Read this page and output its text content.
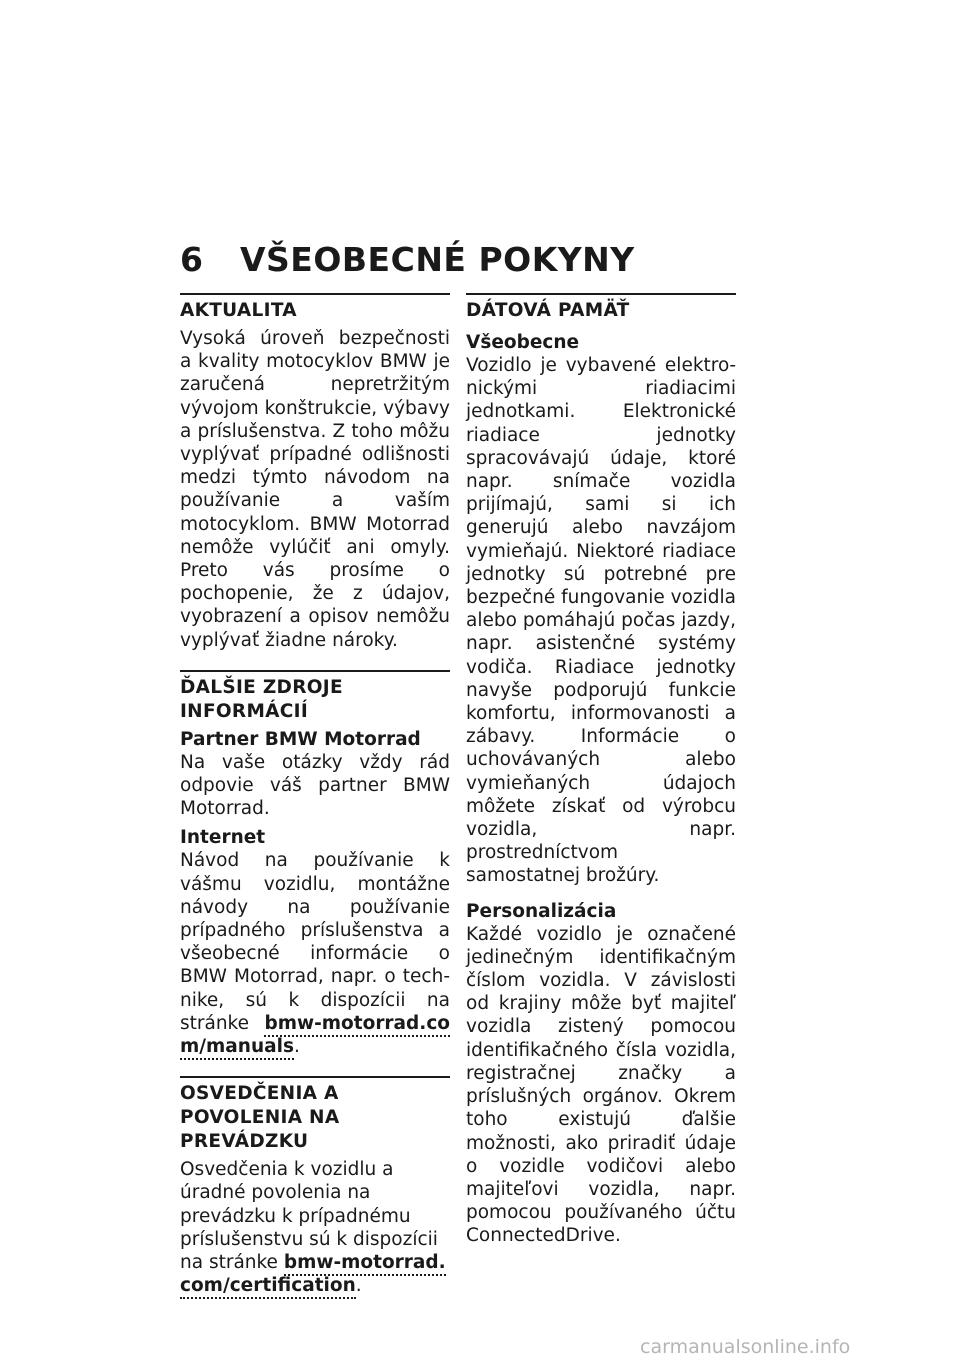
6 VŠEOBECNÉ POKYNY
AKTUALITA

Vysoká úroveň bezpečnosti a kvality motocyklov BMW je zaručená nepretržitým vývojom konštrukcie, výbavy a príslušenstva. Z toho môžu vyplývať prípadné odlišnosti medzi týmto návodom na používanie a vaším motocyklom. BMW Motorrad nemôže vylúčiť ani omyly. Preto vás prosíme o pochopenie, že z údajov, vyobrazení a opisov nemôžu vyplývať žiadne nároky.

ĎALŠIE ZDROJE INFORMÁCIÍ
Partner BMW Motorrad

Na vaše otázky vždy rád odpovie váš partner BMW Motorrad.

Internet

Návod na používanie k vášmu vozidlu, montážne návody na používanie prípadného príslušenstva a všeobecné informácie o BMW Motorrad, napr. o technike, sú k dispozícii na stránke bmw-motorrad.com/manuals.

OSVEDČENIA A POVOLENIA NA PREVÁDZKU

Osvedčenia k vozidlu a úradné povolenia na prevádzku k prípadnému príslušenstvu sú k dispozícii na stránke bmw-motorrad.com/certification.

DÁTOVÁ PAMÄŤ
Všeobecne

Vozidlo je vybavené elektronickými riadiacimi jednotkami. Elektronické riadiace jednotky spracovávajú údaje, ktoré napr. snímače vozidla prijímajú, sami si ich generujú alebo navzájom vymieňajú. Niektoré riadiace jednotky sú potrebné pre bezpečné fungovanie vozidla alebo pomáhajú počas jazdy, napr. asistenčné systémy vodiča. Riadiace jednotky navyše podporujú funkcie komfortu, informovanosti a zábavy. Informácie o uchovávaných alebo vymieňaných údajoch môžete získať od výrobcu vozidla, napr. prostredníctvom samostatnej brožúry.

Personalizácia

Každé vozidlo je označené jedinečným identifikačným číslom vozidla. V závislosti od krajiny môže byť majiteľ vozidla zistený pomocou identifikačného čísla vozidla, registračnej značky a príslušných orgánov. Okrem toho existujú ďalšie možnosti, ako priradiť údaje o vozidle vodičovi alebo majiteľovi vozidla, napr. pomocou používaného účtu ConnectedDrive.

carmanualsonline.info
